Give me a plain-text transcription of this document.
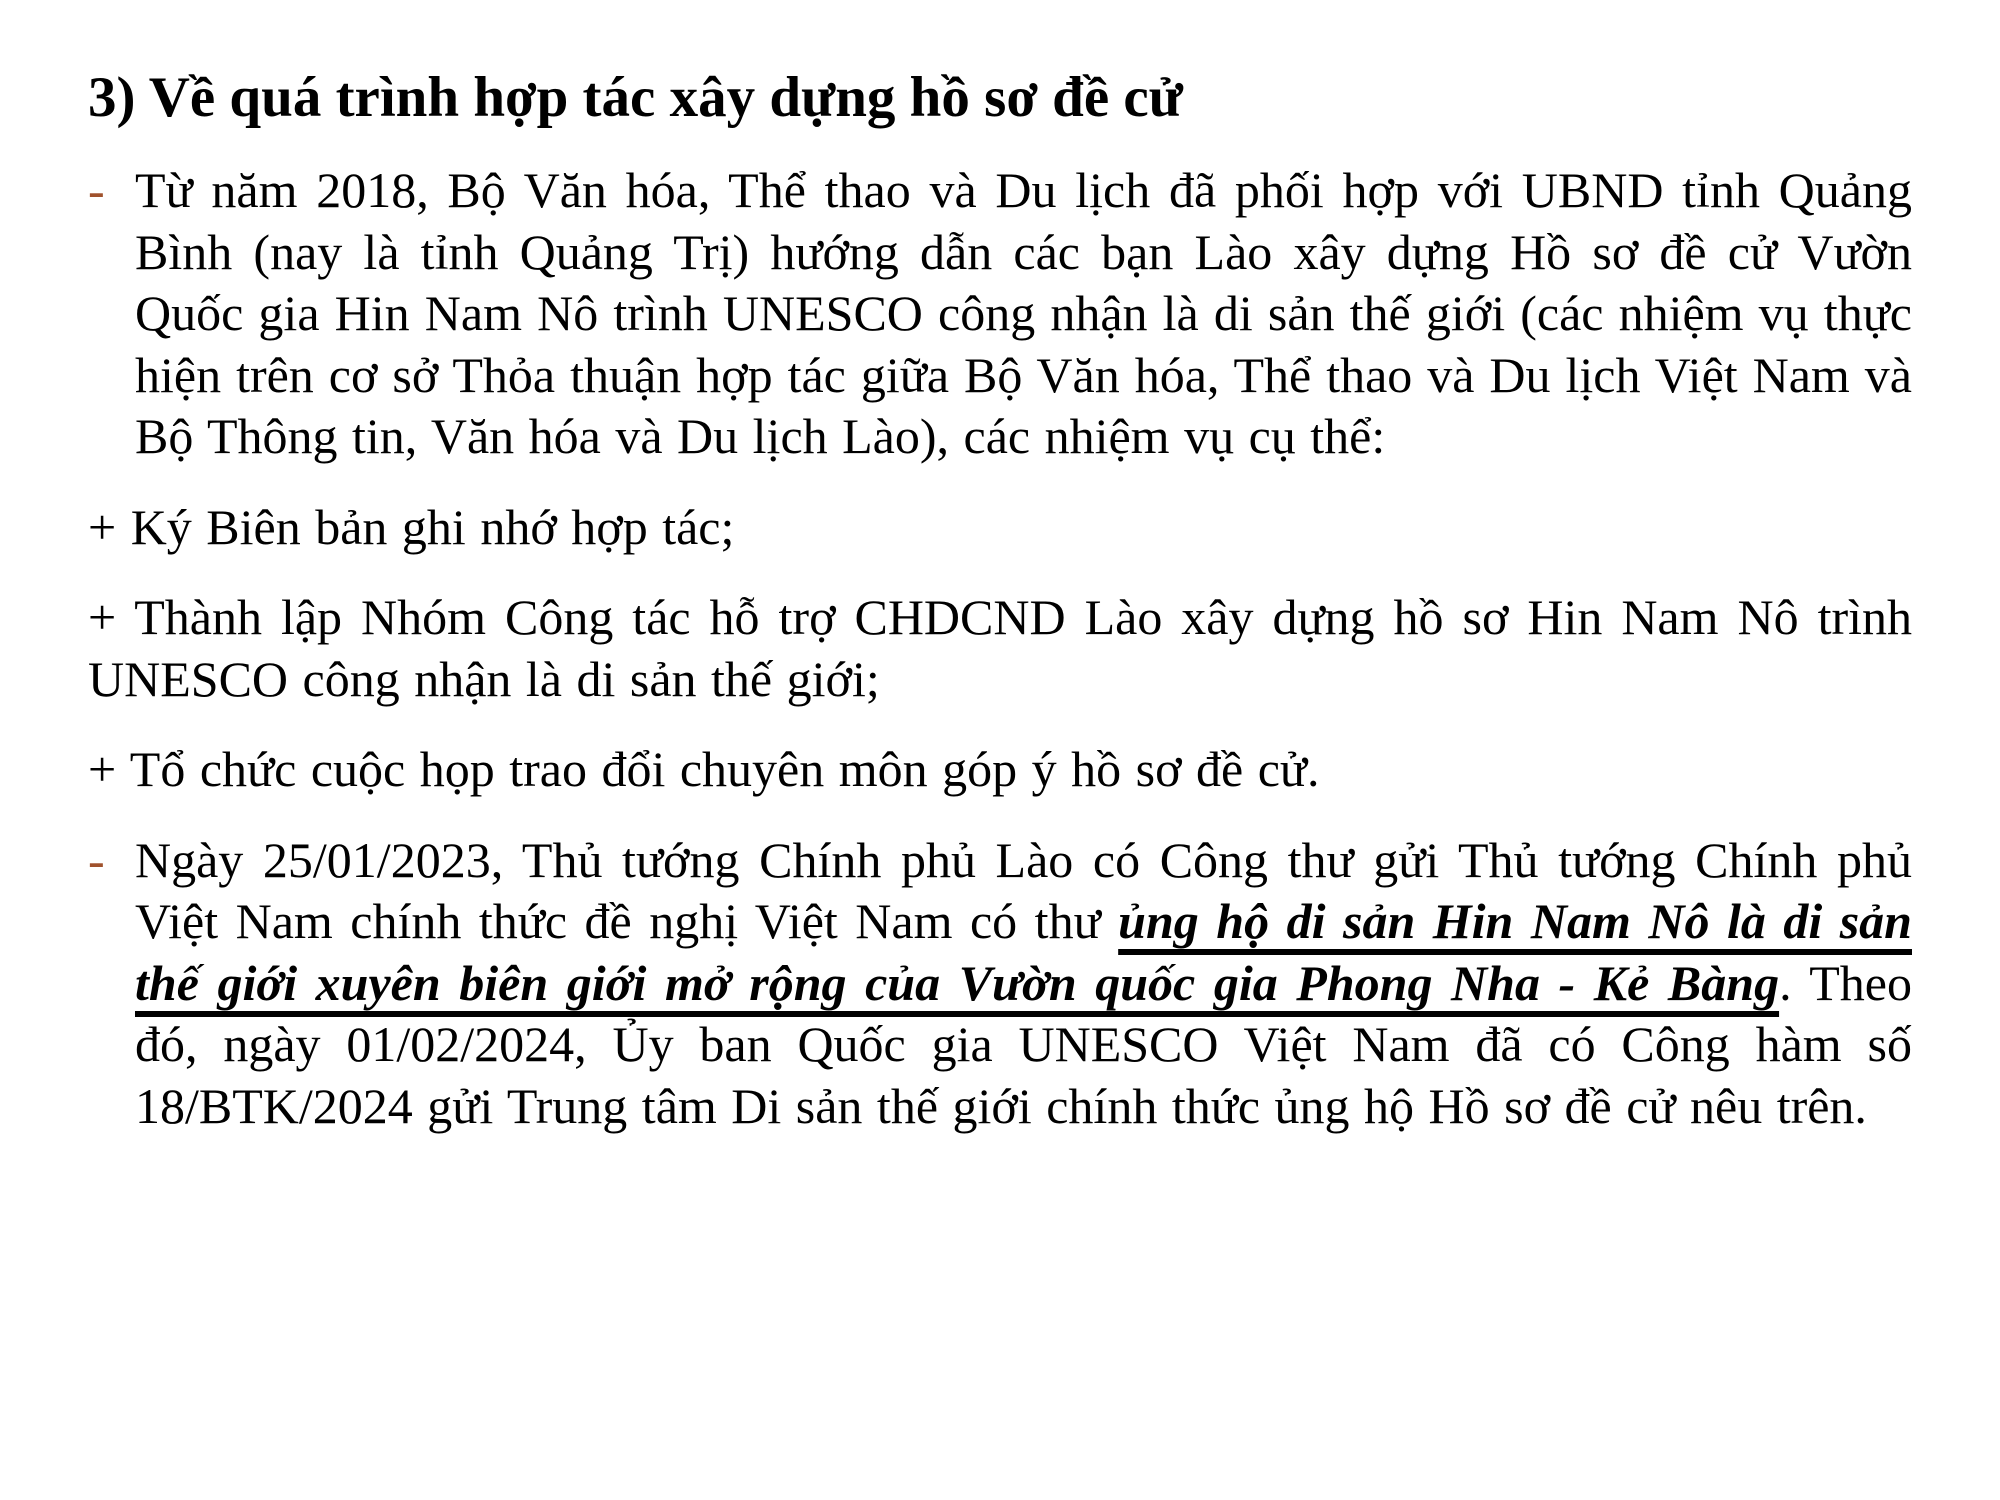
3) Về quá trình hợp tác xây dựng hồ sơ đề cử
- Từ năm 2018, Bộ Văn hóa, Thể thao và Du lịch đã phối hợp với UBND tỉnh Quảng Bình (nay là tỉnh Quảng Trị) hướng dẫn các bạn Lào xây dựng Hồ sơ đề cử Vườn Quốc gia Hin Nam Nô trình UNESCO công nhận là di sản thế giới (các nhiệm vụ thực hiện trên cơ sở Thỏa thuận hợp tác giữa Bộ Văn hóa, Thể thao và Du lịch Việt Nam và Bộ Thông tin, Văn hóa và Du lịch Lào), các nhiệm vụ cụ thể:
+ Ký Biên bản ghi nhớ hợp tác;
+ Thành lập Nhóm Công tác hỗ trợ CHDCND Lào xây dựng hồ sơ Hin Nam Nô trình UNESCO công nhận là di sản thế giới;
+ Tổ chức cuộc họp trao đổi chuyên môn góp ý hồ sơ đề cử.
- Ngày 25/01/2023, Thủ tướng Chính phủ Lào có Công thư gửi Thủ tướng Chính phủ Việt Nam chính thức đề nghị Việt Nam có thư ủng hộ di sản Hin Nam Nô là di sản thế giới xuyên biên giới mở rộng của Vườn quốc gia Phong Nha - Kẻ Bàng. Theo đó, ngày 01/02/2024, Ủy ban Quốc gia UNESCO Việt Nam đã có Công hàm số 18/BTK/2024 gửi Trung tâm Di sản thế giới chính thức ủng hộ Hồ sơ đề cử nêu trên.
